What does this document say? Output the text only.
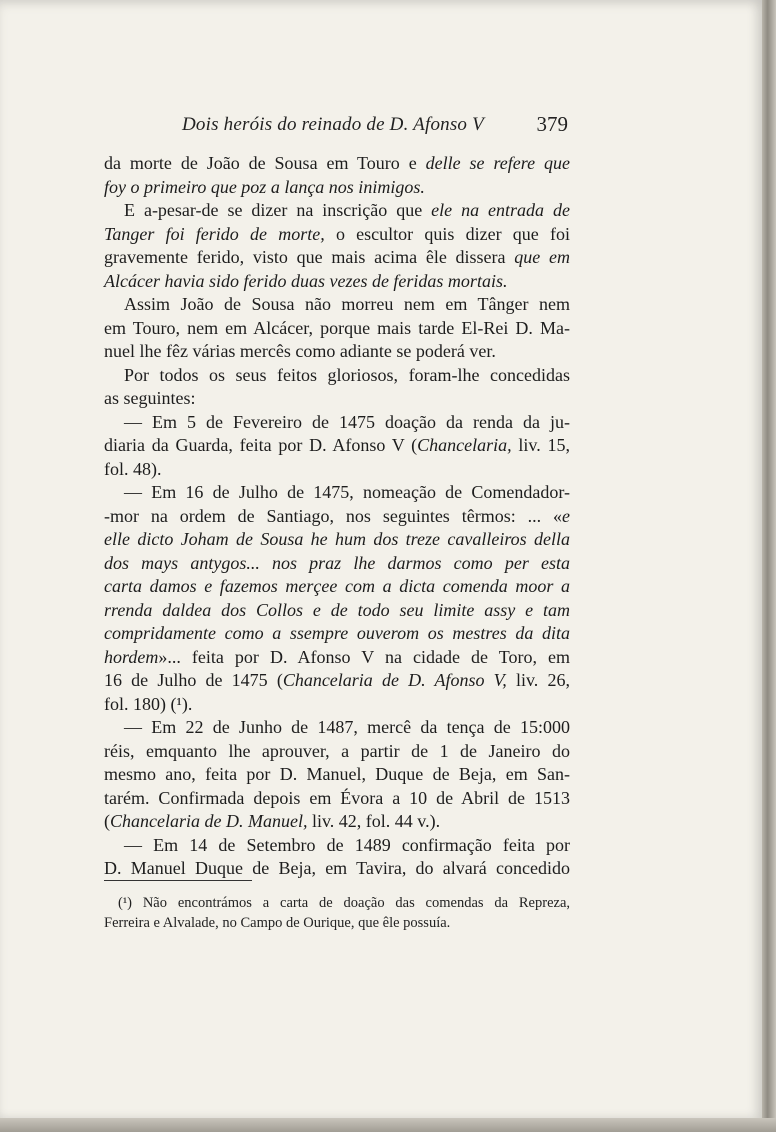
Dois heróis do reinado de D. Afonso V	379

da morte de João de Sousa em Touro e delle se refere que
foy o primeiro que poz a lança nos inimigos.

E a-pesar-de se dizer na inscrição que ele na entrada de
Tanger foi ferido de morte, o escultor quis dizer que foi
gravemente ferido, visto que mais acima êle dissera que em
Alcácer havia sido ferido duas vezes de feridas mortais.

Assim João de Sousa não morreu nem em Tânger nem
em Touro, nem em Alcácer, porque mais tarde El-Rei D. Ma-
nuel lhe fêz várias mercês como adiante se poderá ver.

Por todos os seus feitos gloriosos, foram-lhe concedidas
as seguintes:

— Em 5 de Fevereiro de 1475 doação da renda da ju-
diaria da Guarda, feita por D. Afonso V (Chancelaria, liv. 15,
fol. 48).

— Em 16 de Julho de 1475, nomeação de Comendador-
-mor na ordem de Santiago, nos seguintes têrmos: ... «e
elle dicto Joham de Sousa he hum dos treze cavalleiros della
dos mays antygos... nos praz lhe darmos como per esta
carta damos e fazemos merçee com a dicta comenda moor a
rrenda daldea dos Collos e de todo seu limite assy e tam
compridamente como a ssempre ouverom os mestres da dita
hordem»... feita por D. Afonso V na cidade de Toro, em
16 de Julho de 1475 (Chancelaria de D. Afonso V, liv. 26,
fol. 180) (¹).

— Em 22 de Junho de 1487, mercê da tença de 15:000
réis, emquanto lhe aprouver, a partir de 1 de Janeiro do
mesmo ano, feita por D. Manuel, Duque de Beja, em San-
tarém. Confirmada depois em Évora a 10 de Abril de 1513
(Chancelaria de D. Manuel, liv. 42, fol. 44 v.).

— Em 14 de Setembro de 1489 confirmação feita por
D. Manuel Duque de Beja, em Tavira, do alvará concedido

(¹) Não encontrámos a carta de doação das comendas da Repreza,
Ferreira e Alvalade, no Campo de Ourique, que êle possuía.
